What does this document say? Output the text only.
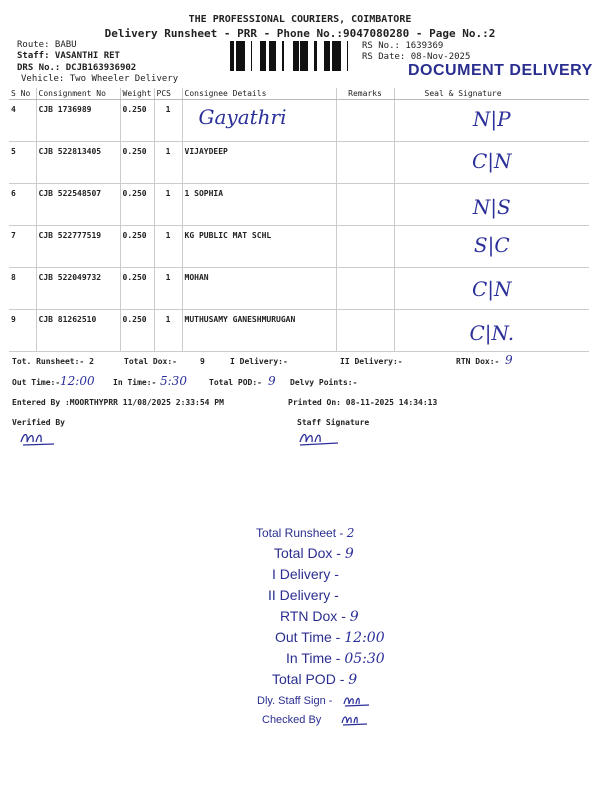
THE PROFESSIONAL COURIERS, COIMBATORE
Delivery Runsheet - PRR - Phone No.:9047080280 - Page No.:2
Route: BABU
Staff: VASANTHI RET
DRS No.: DCJB163936902
Vehicle: Two Wheeler Delivery
RS No.: 1639369
RS Date: 08-Nov-2025
DOCUMENT DELIVERY
S No	Consignment No	Weight	PCS	Consignee Details	Remarks	Seal & Signature
4	CJB 1736989	0.250	1	Gayathri		N|P

5	CJB 522813405	0.250	1	VIJAYDEEP		C|N

6	CJB 522548507	0.250	1	1 SOPHIA		N|S

7	CJB 522777519	0.250	1	KG PUBLIC MAT SCHL		S|C

8	CJB 522049732	0.250	1	MOHAN		C|N

9	CJB 81262510	0.250	1	MUTHUSAMY GANESHMURUGAN		C|N.
Tot. Runsheet:- 2	Total Dox:-	9	I Delivery:-	II Delivery:-	RTN Dox:- 9
Out Time:- 12:00 In Time:- 5:30	Total POD:- 9 Delvy Points:-
Entered By :MOORTHYPRR 11/08/2025 2:33:54 PM	Printed On: 08-11-2025 14:34:13
Verified By	Staff Signature
Total Runsheet - 2
Total Dox - 9
I Delivery -
II Delivery -
RTN Dox - 9
Out Time - 12:00
In Time - 05:30
Total POD - 9
Dly. Staff Sign -
Checked By
